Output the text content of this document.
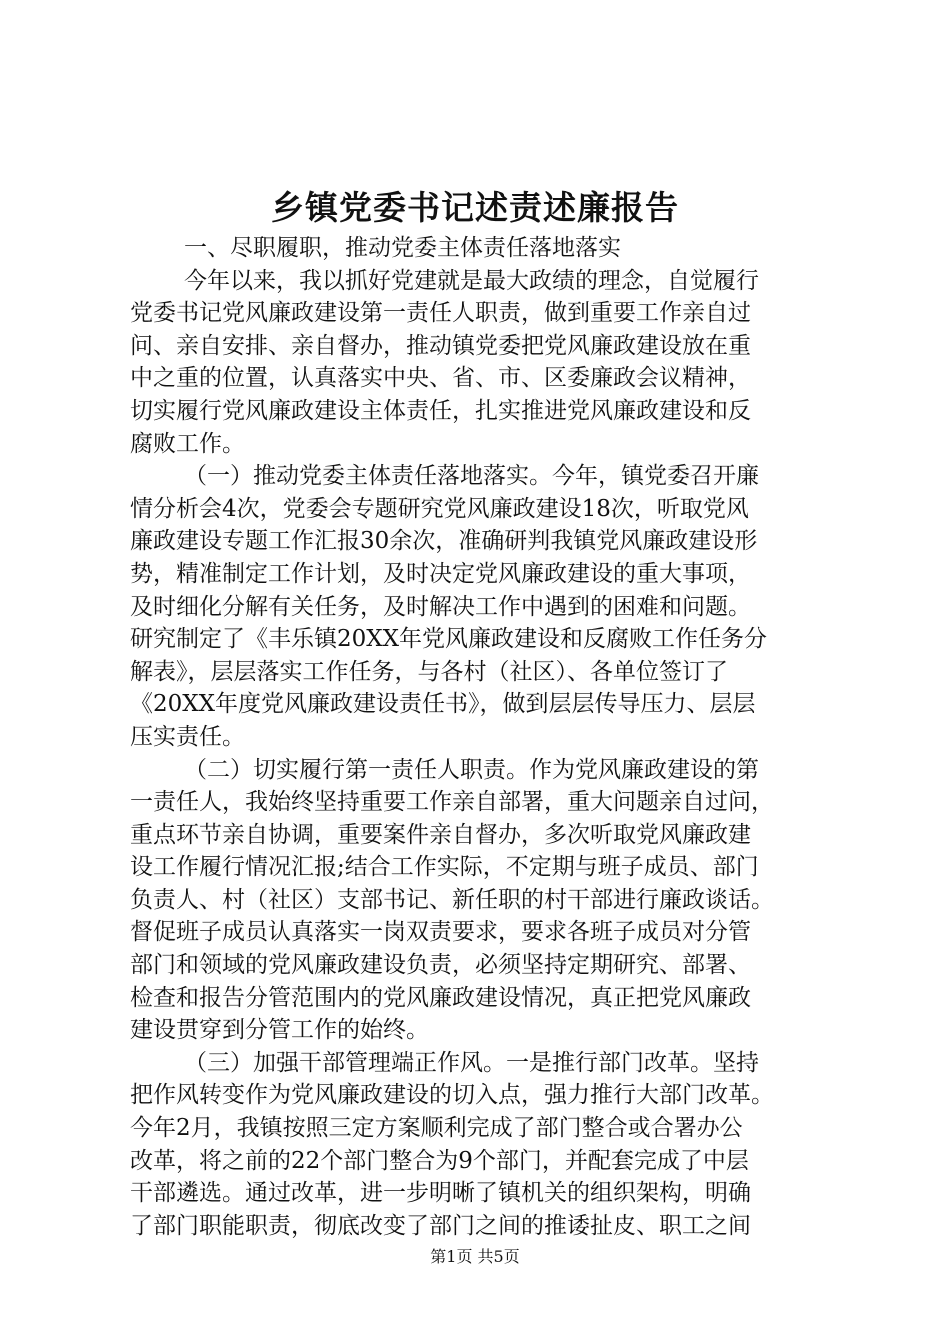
乡镇党委书记述责述廉报告
一、尽职履职，推动党委主体责任落地落实
今年以来，我以抓好党建就是最大政绩的理念，自觉履行
党委书记党风廉政建设第一责任人职责，做到重要工作亲自过
问、亲自安排、亲自督办，推动镇党委把党风廉政建设放在重
中之重的位置，认真落实中央、省、市、区委廉政会议精神，
切实履行党风廉政建设主体责任，扎实推进党风廉政建设和反
腐败工作。
（一）推动党委主体责任落地落实。今年，镇党委召开廉
情分析会4次，党委会专题研究党风廉政建设18次，听取党风
廉政建设专题工作汇报30余次，准确研判我镇党风廉政建设形
势，精准制定工作计划，及时决定党风廉政建设的重大事项，
及时细化分解有关任务，及时解决工作中遇到的困难和问题。
研究制定了《丰乐镇20XX年党风廉政建设和反腐败工作任务分
解表》，层层落实工作任务，与各村（社区）、各单位签订了
《20XX年度党风廉政建设责任书》，做到层层传导压力、层层
压实责任。
（二）切实履行第一责任人职责。作为党风廉政建设的第
一责任人，我始终坚持重要工作亲自部署，重大问题亲自过问，
重点环节亲自协调，重要案件亲自督办，多次听取党风廉政建
设工作履行情况汇报;结合工作实际，不定期与班子成员、部门
负责人、村（社区）支部书记、新任职的村干部进行廉政谈话。
督促班子成员认真落实一岗双责要求，要求各班子成员对分管
部门和领域的党风廉政建设负责，必须坚持定期研究、部署、
检查和报告分管范围内的党风廉政建设情况，真正把党风廉政
建设贯穿到分管工作的始终。
（三）加强干部管理端正作风。一是推行部门改革。坚持
把作风转变作为党风廉政建设的切入点，强力推行大部门改革。
今年2月，我镇按照三定方案顺利完成了部门整合或合署办公
改革，将之前的22个部门整合为9个部门，并配套完成了中层
干部遴选。通过改革，进一步明晰了镇机关的组织架构，明确
了部门职能职责，彻底改变了部门之间的推诿扯皮、职工之间
第1页 共5页
